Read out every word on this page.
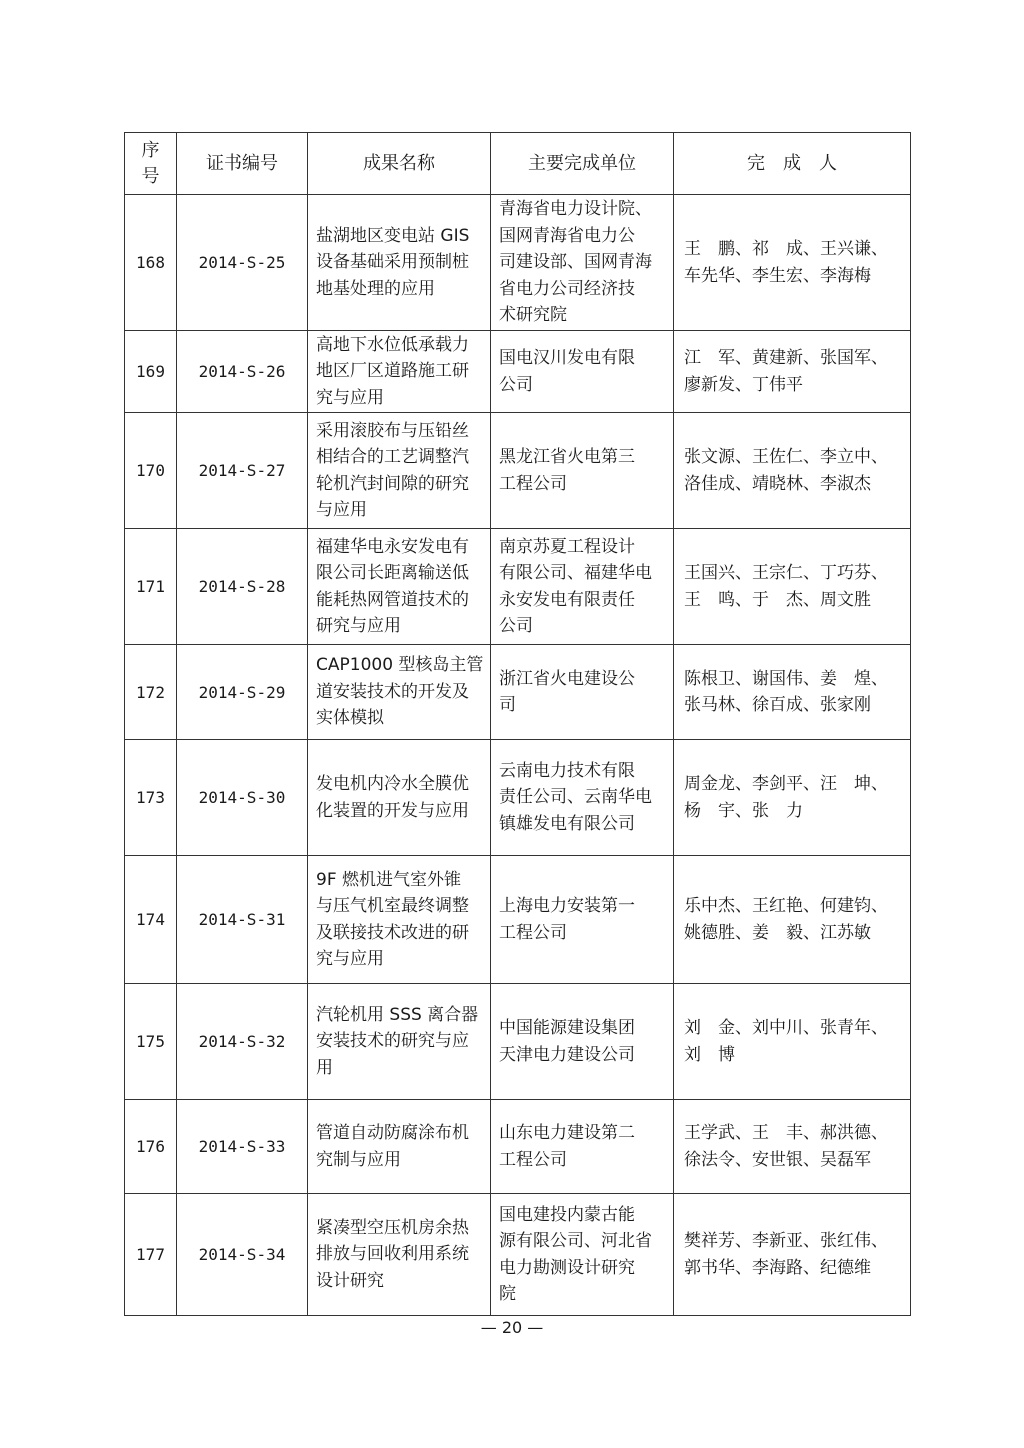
序
号	证书编号	成果名称	主要完成单位	完　成　人
168	2014-S-25	盐湖地区变电站 GIS
设备基础采用预制桩
地基处理的应用	青海省电力设计院、
国网青海省电力公
司建设部、国网青海
省电力公司经济技
术研究院	王　鹏、祁　成、王兴谦、
车先华、李生宏、李海梅
169	2014-S-26	高地下水位低承载力
地区厂区道路施工研
究与应用	国电汉川发电有限
公司	江　军、黄建新、张国军、
廖新发、丁伟平
170	2014-S-27	采用滚胶布与压铅丝
相结合的工艺调整汽
轮机汽封间隙的研究
与应用	黑龙江省火电第三
工程公司	张文源、王佐仁、李立中、
洛佳成、靖晓林、李淑杰
171	2014-S-28	福建华电永安发电有
限公司长距离输送低
能耗热网管道技术的
研究与应用	南京苏夏工程设计
有限公司、福建华电
永安发电有限责任
公司	王国兴、王宗仁、丁巧芬、
王　鸣、于　杰、周文胜
172	2014-S-29	CAP1000 型核岛主管
道安装技术的开发及
实体模拟	浙江省火电建设公
司	陈根卫、谢国伟、姜　煌、
张马林、徐百成、张家刚
173	2014-S-30	发电机内冷水全膜优
化装置的开发与应用	云南电力技术有限
责任公司、云南华电
镇雄发电有限公司	周金龙、李剑平、汪　坤、
杨　宇、张　力
174	2014-S-31	9F 燃机进气室外锥
与压气机室最终调整
及联接技术改进的研
究与应用	上海电力安装第一
工程公司	乐中杰、王红艳、何建钧、
姚德胜、姜　毅、江苏敏
175	2014-S-32	汽轮机用 SSS 离合器
安装技术的研究与应
用	中国能源建设集团
天津电力建设公司	刘　金、刘中川、张青年、
刘　博
176	2014-S-33	管道自动防腐涂布机
究制与应用	山东电力建设第二
工程公司	王学武、王　丰、郝洪德、
徐法令、安世银、吴磊军
177	2014-S-34	紧凑型空压机房余热
排放与回收利用系统
设计研究	国电建投内蒙古能
源有限公司、河北省
电力勘测设计研究
院	樊祥芳、李新亚、张红伟、
郭书华、李海路、纪德维
— 20 —
